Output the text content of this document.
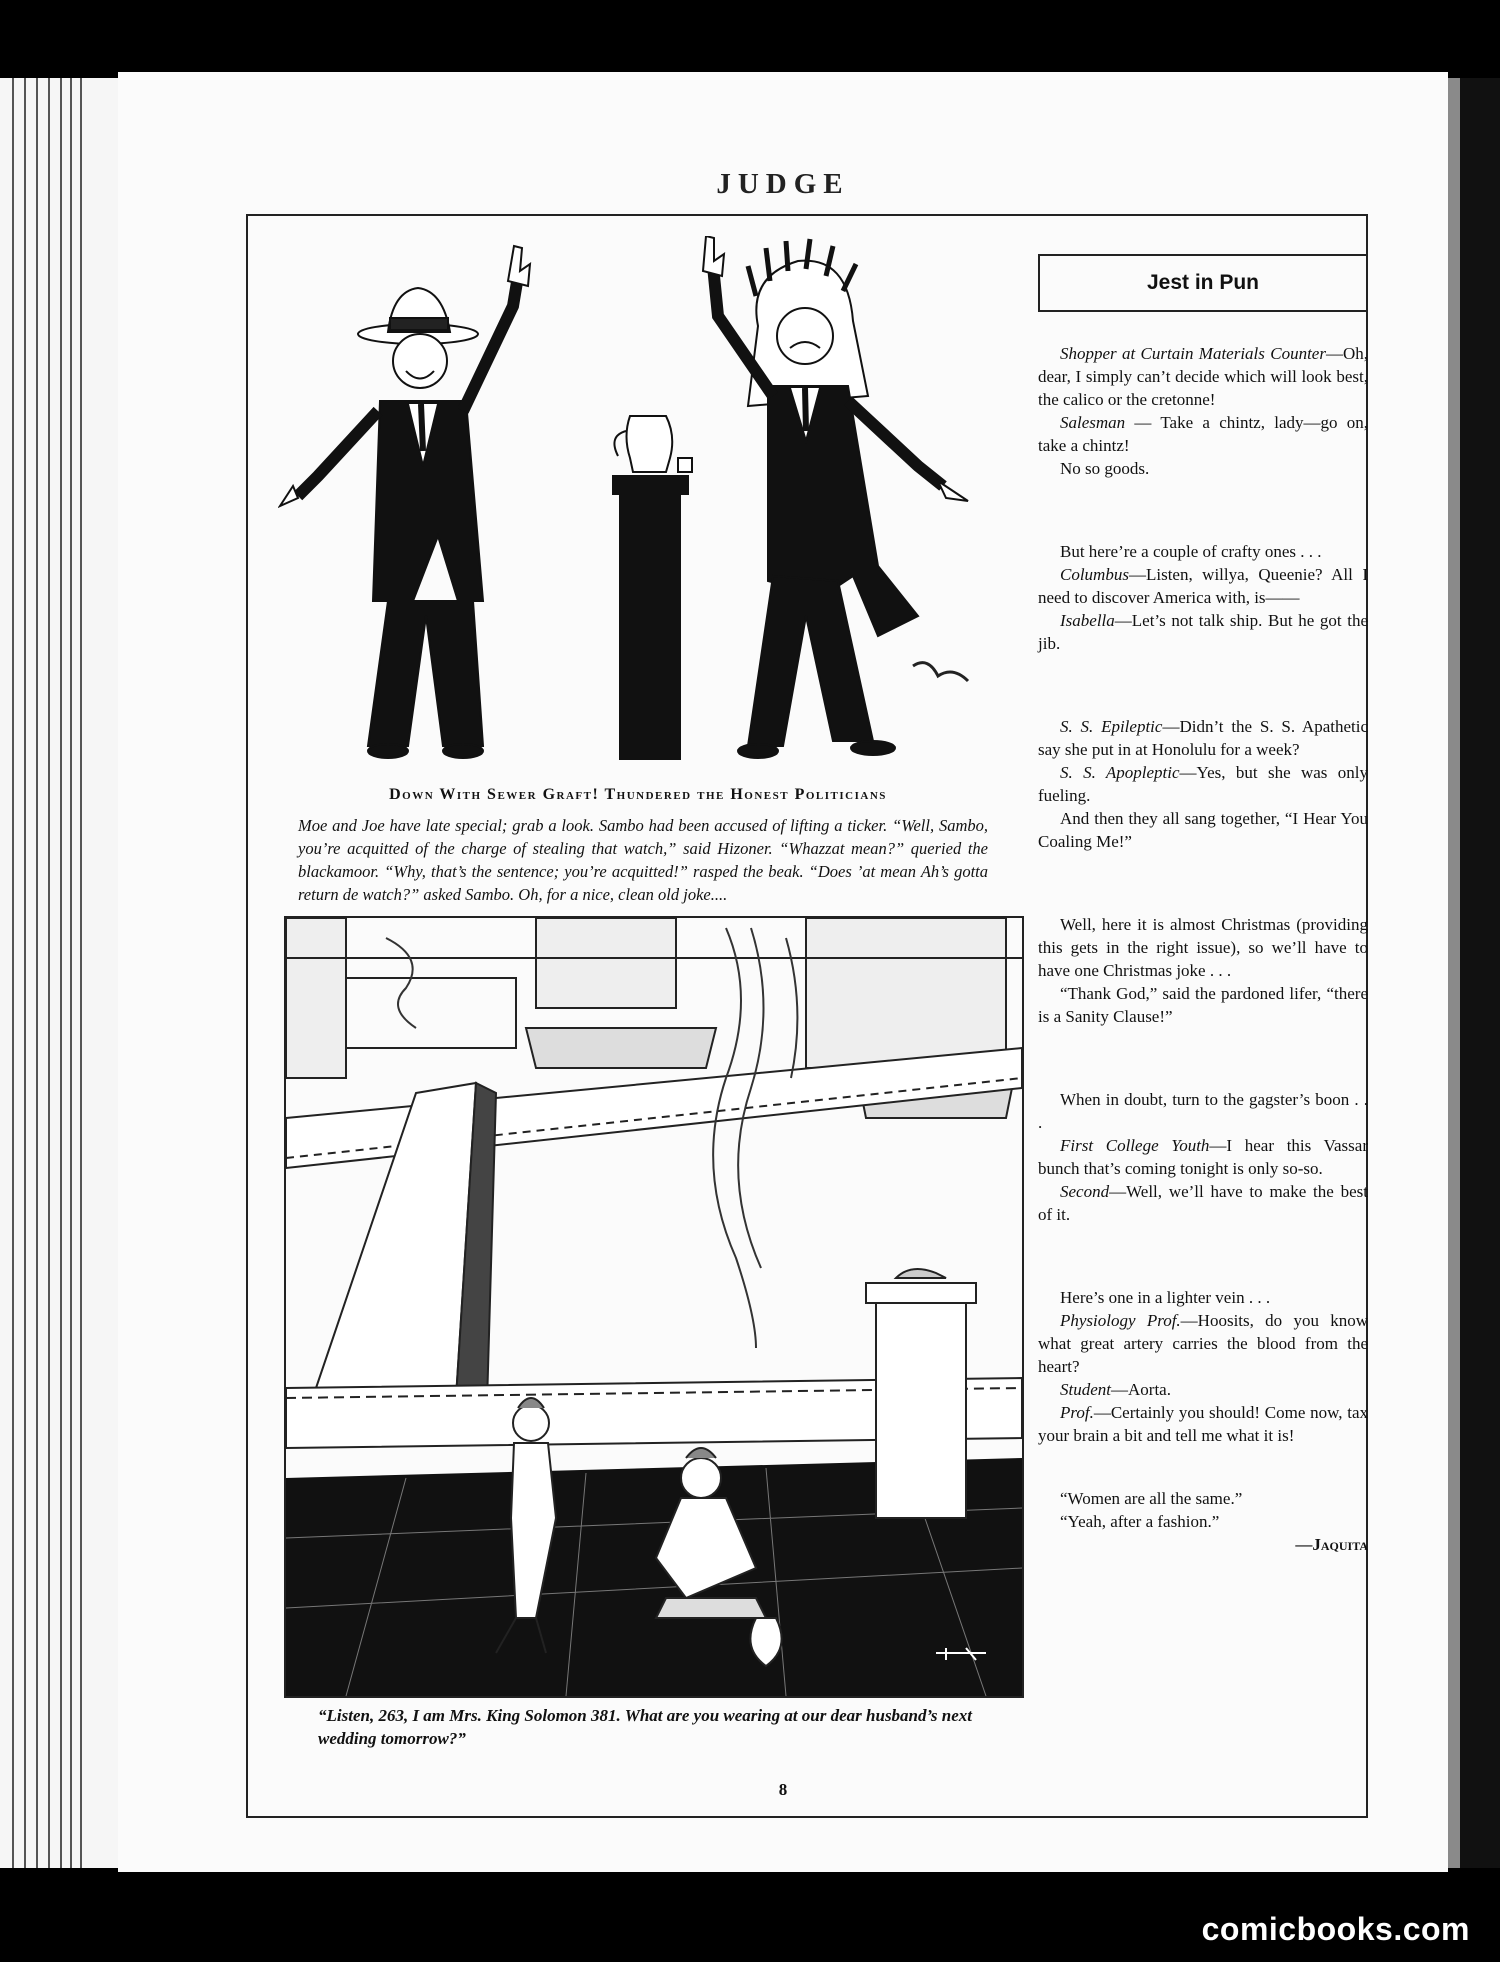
JUDGE
Down With Sewer Graft! Thundered the Honest Politicians
Moe and Joe have late special; grab a look. Sambo had been accused of lifting a ticker. “Well, Sambo, you’re acquitted of the charge of stealing that watch,” said Hizoner. “Whazzat mean?” queried the blackamoor. “Why, that’s the sentence; you’re acquitted!” rasped the beak. “Does ’at mean Ah’s gotta return de watch?” asked Sambo. Oh, for a nice, clean old joke....
“Listen, 263, I am Mrs. King Solomon 381. What are you wearing at our dear husband’s next wedding tomorrow?”
Jest in Pun

Shopper at Curtain Materials Counter—Oh, dear, I simply can’t decide which will look best, the calico or the cretonne!

Salesman — Take a chintz, lady—go on, take a chintz!

No so goods.

But here’re a couple of crafty ones . . .

Columbus—Listen, willya, Queenie? All I need to discover America with, is——

Isabella—Let’s not talk ship. But he got the jib.

S. S. Epileptic—Didn’t the S. S. Apathetic say she put in at Honolulu for a week?

S. S. Apopleptic—Yes, but she was only fueling.

And then they all sang together, “I Hear You Coaling Me!”

Well, here it is almost Christmas (providing this gets in the right issue), so we’ll have to have one Christmas joke . . .

“Thank God,” said the pardoned lifer, “there is a Sanity Clause!”

When in doubt, turn to the gagster’s boon . . .

First College Youth—I hear this Vassar bunch that’s coming tonight is only so-so.

Second—Well, we’ll have to make the best of it.

Here’s one in a lighter vein . . .

Physiology Prof.—Hoosits, do you know what great artery carries the blood from the heart?

Student—Aorta.

Prof.—Certainly you should! Come now, tax your brain a bit and tell me what it is!

“Women are all the same.”

“Yeah, after a fashion.”

—Jaquita
8
comicbooks.com
